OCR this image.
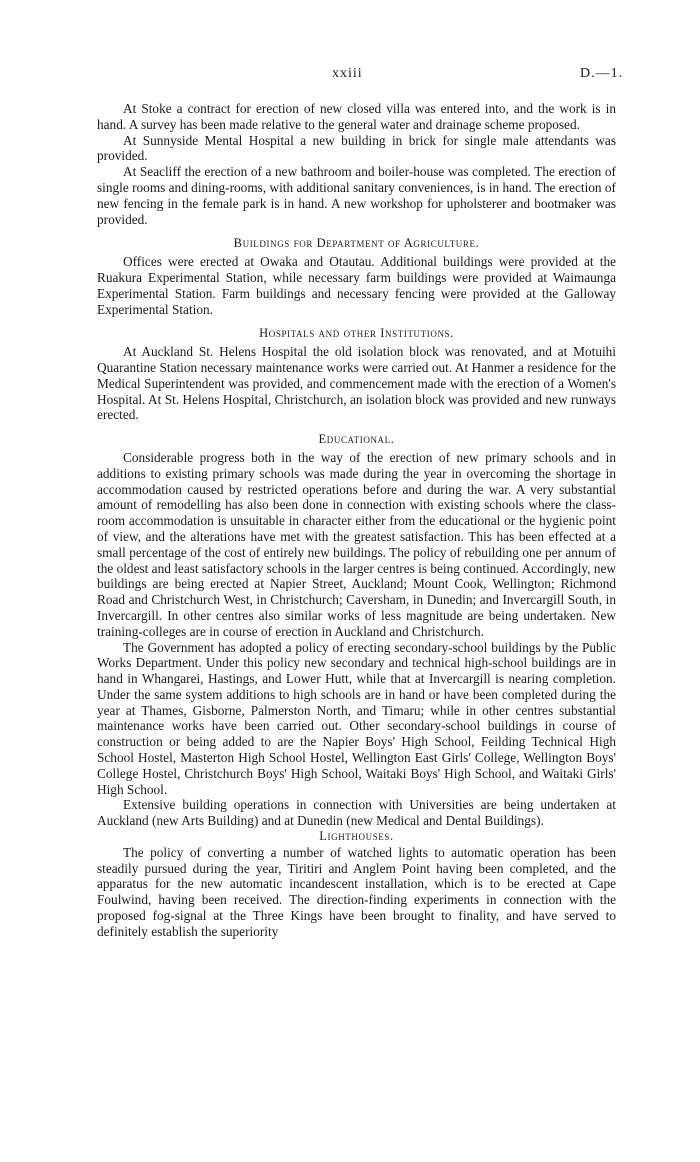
xxiii	D.—1.

At Stoke a contract for erection of new closed villa was entered into, and the work is in hand. A survey has been made relative to the general water and drainage scheme proposed.

At Sunnyside Mental Hospital a new building in brick for single male attendants was provided.

At Seacliff the erection of a new bathroom and boiler-house was completed. The erection of single rooms and dining-rooms, with additional sanitary conveniences, is in hand. The erection of new fencing in the female park is in hand. A new workshop for upholsterer and bootmaker was provided.

Buildings for Department of Agriculture.

Offices were erected at Owaka and Otautau. Additional buildings were provided at the Ruakura Experimental Station, while necessary farm buildings were provided at Waimaunga Experimental Station. Farm buildings and necessary fencing were provided at the Galloway Experimental Station.

Hospitals and other Institutions.

At Auckland St. Helens Hospital the old isolation block was renovated, and at Motuihi Quarantine Station necessary maintenance works were carried out. At Hanmer a residence for the Medical Superintendent was provided, and commencement made with the erection of a Women's Hospital. At St. Helens Hospital, Christchurch, an isolation block was provided and new runways erected.

Educational.

Considerable progress both in the way of the erection of new primary schools and in additions to existing primary schools was made during the year in overcoming the shortage in accommodation caused by restricted operations before and during the war. A very substantial amount of remodelling has also been done in connection with existing schools where the class-room accommodation is unsuitable in character either from the educational or the hygienic point of view, and the alterations have met with the greatest satisfaction. This has been effected at a small percentage of the cost of entirely new buildings. The policy of rebuilding one per annum of the oldest and least satisfactory schools in the larger centres is being continued. Accordingly, new buildings are being erected at Napier Street, Auckland; Mount Cook, Wellington; Richmond Road and Christchurch West, in Christchurch; Caversham, in Dunedin; and Invercargill South, in Invercargill. In other centres also similar works of less magnitude are being undertaken. New training-colleges are in course of erection in Auckland and Christchurch.

The Government has adopted a policy of erecting secondary-school buildings by the Public Works Department. Under this policy new secondary and technical high-school buildings are in hand in Whangarei, Hastings, and Lower Hutt, while that at Invercargill is nearing completion. Under the same system additions to high schools are in hand or have been completed during the year at Thames, Gisborne, Palmerston North, and Timaru; while in other centres substantial maintenance works have been carried out. Other secondary-school buildings in course of construction or being added to are the Napier Boys' High School, Feilding Technical High School Hostel, Masterton High School Hostel, Wellington East Girls' College, Wellington Boys' College Hostel, Christchurch Boys' High School, Waitaki Boys' High School, and Waitaki Girls' High School.

Extensive building operations in connection with Universities are being undertaken at Auckland (new Arts Building) and at Dunedin (new Medical and Dental Buildings).

Lighthouses.

The policy of converting a number of watched lights to automatic operation has been steadily pursued during the year, Tiritiri and Anglem Point having been completed, and the apparatus for the new automatic incandescent installation, which is to be erected at Cape Foulwind, having been received. The direction-finding experiments in connection with the proposed fog-signal at the Three Kings have been brought to finality, and have served to definitely establish the superiority
